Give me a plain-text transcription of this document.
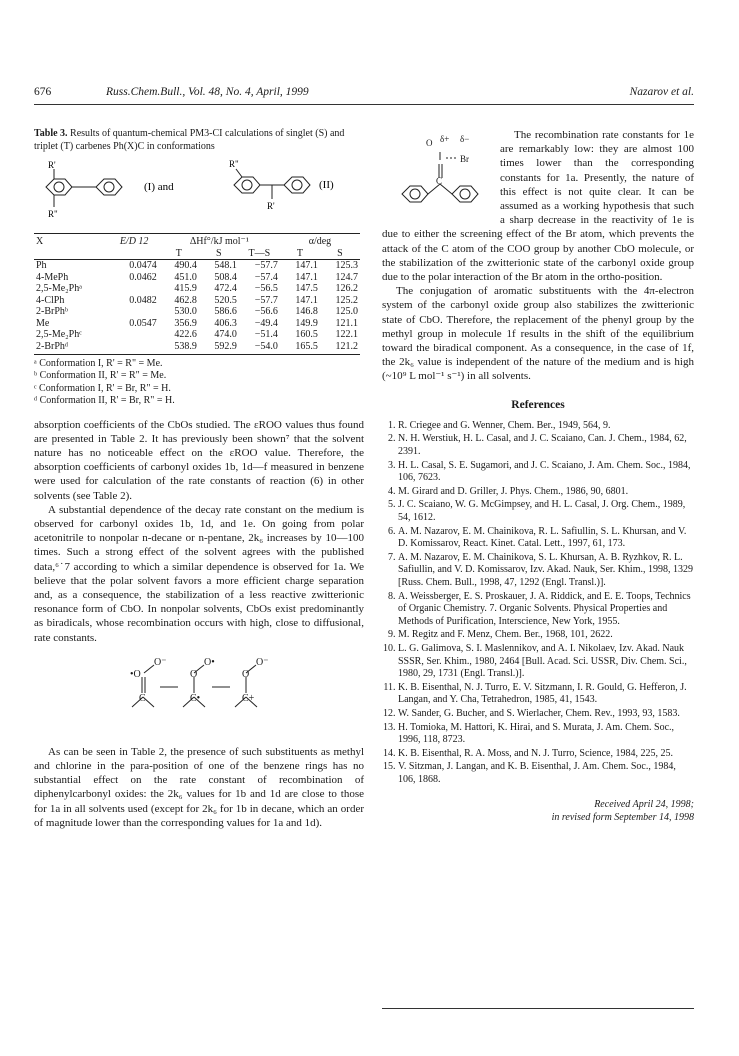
676	Russ.Chem.Bull., Vol. 48, No. 4, April, 1999	Nazarov et al.
Table 3. Results of quantum-chemical PM3-CI calculations of singlet (S) and triplet (T) carbenes Ph(X)C in conformations
R'
R"
(I) and
R"
R'
(II)
X	E/D 12	ΔHf°/kJ mol⁻¹			α/deg	
		T	S	T—S	T	S
Ph	0.0474	490.4	548.1	−57.7	147.1	125.3
4-MePh	0.0462	451.0	508.4	−57.4	147.1	124.7
2,5-Me₂Phᵃ		415.9	472.4	−56.5	147.5	126.2
4-ClPh	0.0482	462.8	520.5	−57.7	147.1	125.2
2-BrPhᵇ		530.0	586.6	−56.6	146.8	125.0
Me	0.0547	356.9	406.3	−49.4	149.9	121.1
2,5-Me₂Phᶜ		422.6	474.0	−51.4	160.5	122.1
2-BrPhᵈ		538.9	592.9	−54.0	165.5	121.2
ᵃ Conformation I, R' = R" = Me.
ᵇ Conformation II, R' = R" = Me.
ᶜ Conformation I, R' = Br, R" = H.
ᵈ Conformation II, R' = Br, R" = H.

absorption coefficients of the CbOs studied. The εROO values thus found are presented in Table 2. It has previously been shown⁷ that the solvent nature has no noticeable effect on the εROO value. Therefore, the absorption coefficients of carbonyl oxides 1b, 1d—f measured in benzene were used for calculation of the rate constants of reaction (6) in other solvents (see Table 2).

A substantial dependence of the decay rate constant on the medium is observed for carbonyl oxides 1b, 1d, and 1e. On going from polar acetonitrile to nonpolar n-decane or n-pentane, 2k₆ increases by 10—100 times. Such a strong effect of the solvent agrees with the published data,⁶˙7 according to which a similar dependence is observed for 1a. We believe that the polar solvent favors a more efficient charge separation and, as a consequence, the stabilization of a less reactive zwitterionic resonance form of CbO. In nonpolar solvents, CbOs exist predominantly as biradicals, whose recombination occurs with high, close to diffusional, rate constants.

•O
O⁻
O
O•
O
O⁻
C	C•	C+

As can be seen in Table 2, the presence of such substituents as methyl and chlorine in the para-position of one of the benzene rings has no substantial effect on the rate constant of recombination of diphenylcarbonyl oxides: the 2k₆ values for 1b and 1d are close to those for 1a in all solvents used (except for 2k₆ for 1b in decane, which an order of magnitude lower than the corresponding values for 1a and 1d).

O δ+ δ−
Br
C
The recombination rate constants for 1e are remarkably low: they are almost 100 times lower than the corresponding constants for 1a. Presently, the nature of this effect is not quite clear. It can be assumed as a working hypothesis that such a sharp decrease in the reactivity of 1e is due to either the screening effect of the Br atom, which prevents the attack of the C atom of the COO group by another CbO molecule, or the stabilization of the zwitterionic state of the carbonyl oxide group due to the polar interaction of the Br atom in the ortho-position.

The conjugation of aromatic substituents with the 4π-electron system of the carbonyl oxide group also stabilizes the zwitterionic state of CbO. Therefore, the replacement of the phenyl group by the methyl group in molecule 1f results in the shift of the equilibrium toward the biradical component. As a consequence, in the case of 1f, the 2k₆ value is independent of the nature of the medium and is high (~10⁹ L mol⁻¹ s⁻¹) in all solvents.

References
1. R. Criegee and G. Wenner, Chem. Ber., 1949, 564, 9.
2. N. H. Werstiuk, H. L. Casal, and J. C. Scaiano, Can. J. Chem., 1984, 62, 2391.
3. H. L. Casal, S. E. Sugamori, and J. C. Scaiano, J. Am. Chem. Soc., 1984, 106, 7623.
4. M. Girard and D. Griller, J. Phys. Chem., 1986, 90, 6801.
5. J. C. Scaiano, W. G. McGimpsey, and H. L. Casal, J. Org. Chem., 1989, 54, 1612.
6. A. M. Nazarov, E. M. Chainikova, R. L. Safiullin, S. L. Khursan, and V. D. Komissarov, React. Kinet. Catal. Lett., 1997, 61, 173.
7. A. M. Nazarov, E. M. Chainikova, S. L. Khursan, A. B. Ryzhkov, R. L. Safiullin, and V. D. Komissarov, Izv. Akad. Nauk, Ser. Khim., 1998, 1329 [Russ. Chem. Bull., 1998, 47, 1292 (Engl. Transl.)].
8. A. Weissberger, E. S. Proskauer, J. A. Riddick, and E. E. Toops, Technics of Organic Chemistry. 7. Organic Solvents. Physical Properties and Methods of Purification, Interscience, New York, 1955.
9. M. Regitz and F. Menz, Chem. Ber., 1968, 101, 2622.
10. L. G. Galimova, S. I. Maslennikov, and A. I. Nikolaev, Izv. Akad. Nauk SSSR, Ser. Khim., 1980, 2464 [Bull. Acad. Sci. USSR, Div. Chem. Sci., 1980, 29, 1731 (Engl. Transl.)].
11. K. B. Eisenthal, N. J. Turro, E. V. Sitzmann, I. R. Gould, G. Hefferon, J. Langan, and Y. Cha, Tetrahedron, 1985, 41, 1543.
12. W. Sander, G. Bucher, and S. Wierlacher, Chem. Rev., 1993, 93, 1583.
13. H. Tomioka, M. Hattori, K. Hirai, and S. Murata, J. Am. Chem. Soc., 1996, 118, 8723.
14. K. B. Eisenthal, R. A. Moss, and N. J. Turro, Science, 1984, 225, 25.
15. V. Sitzman, J. Langan, and K. B. Eisenthal, J. Am. Chem. Soc., 1984, 106, 1868.
Received April 24, 1998;
in revised form September 14, 1998
